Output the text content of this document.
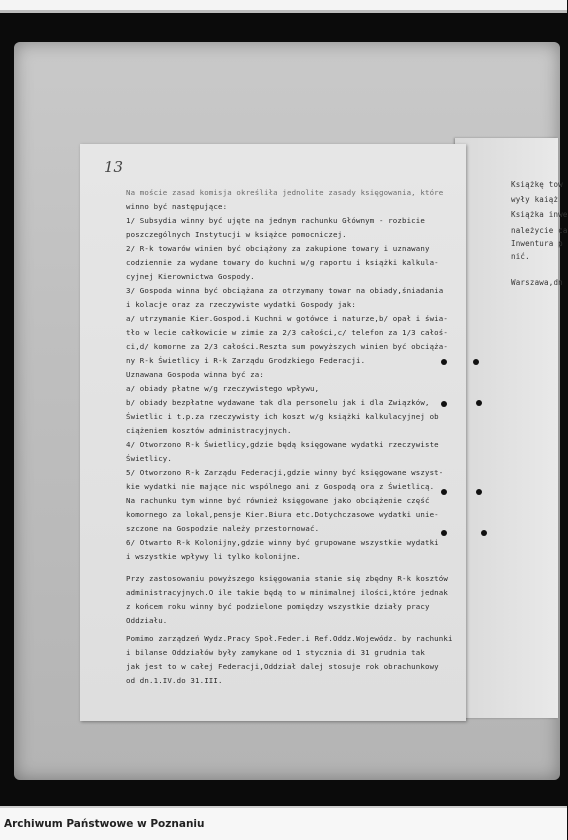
Książkę tow
wyły kaiąż
Książka inwe
należycie ca
Inwentura p
nić.
Warszawa,dn
13
Na moście zasad komisja określiła jednolite zasady księgowania, które
winno być następujące:
1/ Subsydia winny być ujęte na jednym rachunku Głównym - rozbicie
poszczególnych Instytucji w książce pomocniczej.
2/ R-k towarów winien być obciążony za zakupione towary i uznawany
codziennie za wydane towary do kuchni w/g raportu i książki kalkula-
cyjnej Kierownictwa Gospody.
3/ Gospoda winna być obciążana za otrzymany towar na obiady,śniadania
i kolacje oraz za rzeczywiste wydatki Gospody jak:
a/ utrzymanie Kier.Gospod.i Kuchni w gotówce i naturze,b/ opał i świa-
tło w lecie całkowicie w zimie za 2/3 całości,c/ telefon za 1/3 całoś-
ci,d/ komorne za 2/3 całości.Reszta sum powyższych winien być obciąża-
ny R-k Świetlicy i R-k Zarządu Grodzkiego Federacji.
Uznawana Gospoda winna być za:
a/ obiady płatne w/g rzeczywistego wpływu,
b/ obiady bezpłatne wydawane tak dla personelu jak i dla Związków,
Świetlic i t.p.za rzeczywisty ich koszt w/g książki kalkulacyjnej ob
ciążeniem kosztów administracyjnych.
4/ Otworzono R-k Świetlicy,gdzie będą księgowane wydatki rzeczywiste
Świetlicy.
5/ Otworzono R-k Zarządu Federacji,gdzie winny być księgowane wszyst-
kie wydatki nie mające nic wspólnego ani z Gospodą ora z Świetlicą.
Na rachunku tym winne być również księgowane jako obciążenie część
komornego za lokal,pensje Kier.Biura etc.Dotychczasowe wydatki unie-
szczone na Gospodzie należy przestornować.
6/ Otwarto R-k Kolonijny,gdzie winny być grupowane wszystkie wydatki
i wszystkie wpływy li tylko kolonijne.
Przy zastosowaniu powyższego księgowania stanie się zbędny R-k kosztów
administracyjnych.O ile takie będą to w minimalnej ilości,które jednak
z końcem roku winny być podzielone pomiędzy wszystkie działy pracy
Oddziału.
Pomimo zarządzeń Wydz.Pracy Społ.Feder.i Ref.Oddz.Wojewódz. by rachunki
i bilanse Oddziałów były zamykane od 1 stycznia di 31 grudnia tak
jak jest to w całej Federacji,Oddział dalej stosuje rok obrachunkowy
od dn.1.IV.do 31.III.
Archiwum Państwowe w Poznaniu
